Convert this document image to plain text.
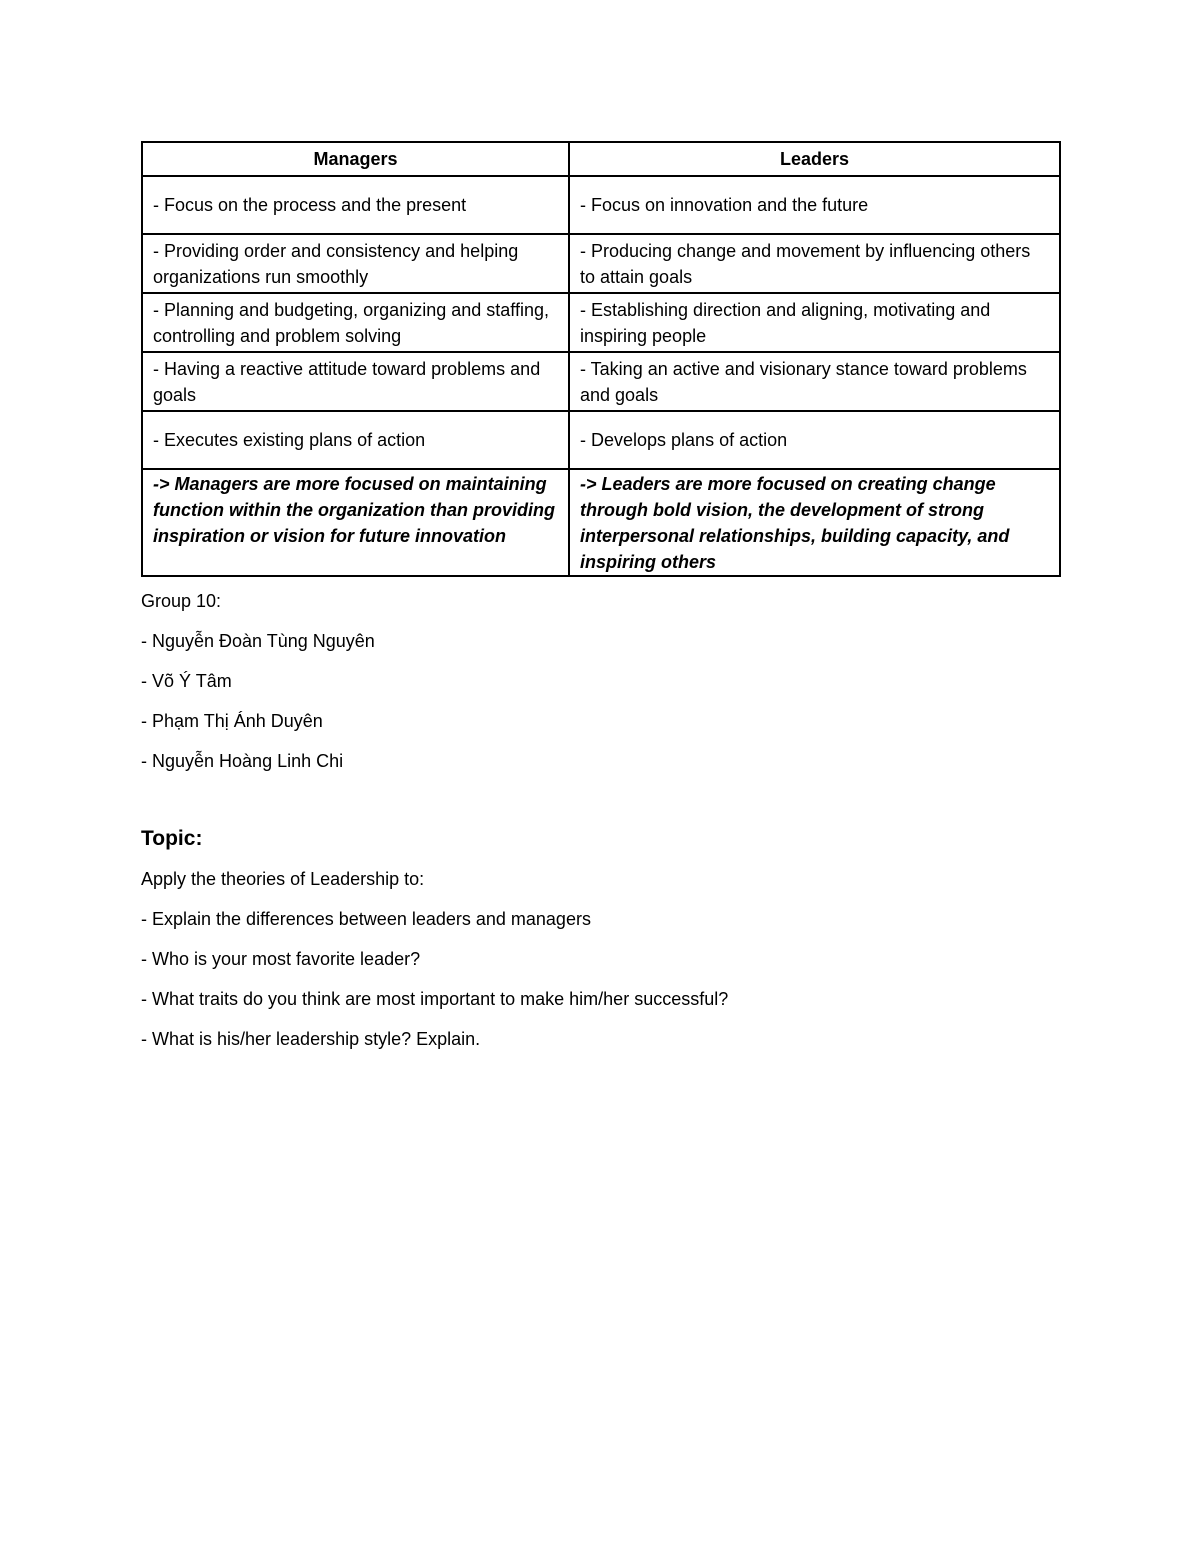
Managers	Leaders
- Focus on the process and the present	- Focus on innovation and the future
- Providing order and consistency and helping organizations run smoothly	- Producing change and movement by influencing others to attain goals
- Planning and budgeting, organizing and staffing, controlling and problem solving	- Establishing direction and aligning, motivating and inspiring people
- Having a reactive attitude toward problems and goals	- Taking an active and visionary stance toward problems and goals
- Executes existing plans of action	- Develops plans of action
-> Managers are more focused on maintaining function within the organization than providing inspiration or vision for future innovation	-> Leaders are more focused on creating change through bold vision, the development of strong interpersonal relationships, building capacity, and inspiring others

Group 10:

- Nguyễn Đoàn Tùng Nguyên

- Võ Ý Tâm

- Phạm Thị Ánh Duyên

- Nguyễn Hoàng Linh Chi

Topic:

Apply the theories of Leadership to:

- Explain the differences between leaders and managers

- Who is your most favorite leader?

- What traits do you think are most important to make him/her successful?

- What is his/her leadership style? Explain.
